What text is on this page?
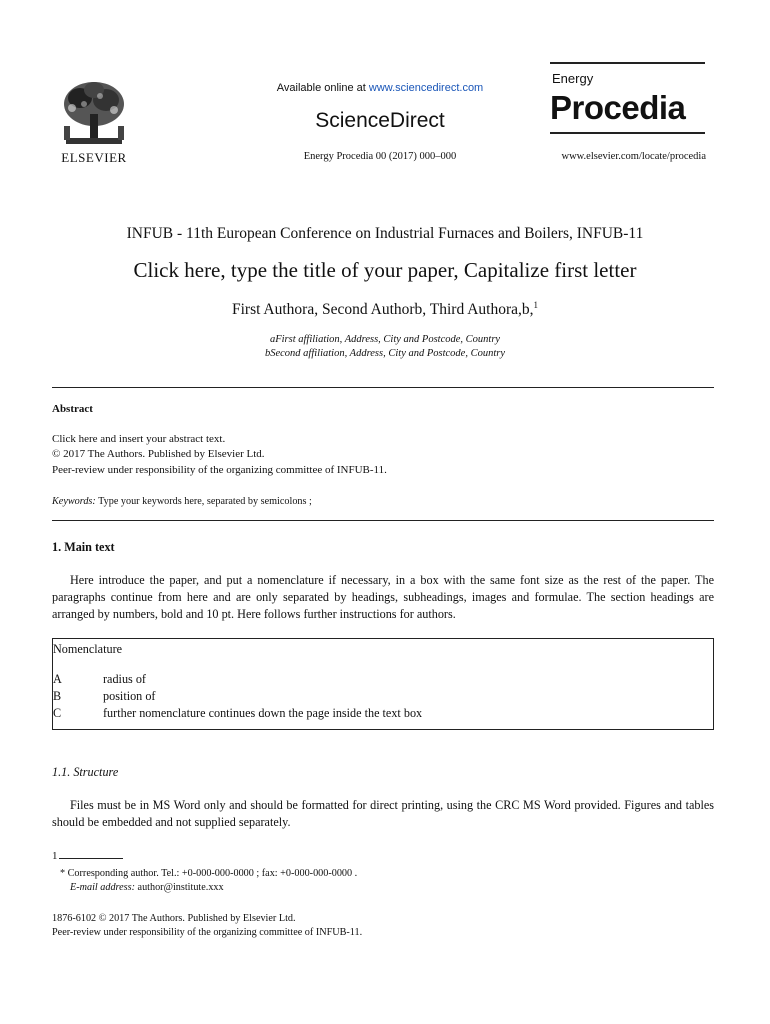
ELSEVIER
Available online at www.sciencedirect.com
ScienceDirect
Energy Procedia 00 (2017) 000–000
Energy
Procedia
www.elsevier.com/locate/procedia
INFUB - 11th European Conference on Industrial Furnaces and Boilers, INFUB-11
Click here, type the title of your paper, Capitalize first letter
First Authora, Second Authorb, Third Authora,b,$^1$
aFirst affiliation, Address, City and Postcode, Country
bSecond affiliation, Address, City and Postcode, Country
Abstract
Click here and insert your abstract text.
© 2017 The Authors. Published by Elsevier Ltd.
Peer-review under responsibility of the organizing committee of INFUB-11.
Keywords: Type your keywords here, separated by semicolons ;
1. Main text
Here introduce the paper, and put a nomenclature if necessary, in a box with the same font size as the rest of the paper. The paragraphs continue from here and are only separated by headings, subheadings, images and formulae. The section headings are arranged by numbers, bold and 10 pt. Here follows further instructions for authors.
Nomenclature
A	radius of
B	position of
C	further nomenclature continues down the page inside the text box
1.1. Structure
Files must be in MS Word only and should be formatted for direct printing, using the CRC MS Word provided. Figures and tables should be embedded and not supplied separately.
1
* Corresponding author. Tel.: +0-000-000-0000 ; fax: +0-000-000-0000 .
E-mail address: author@institute.xxx
1876-6102 © 2017 The Authors. Published by Elsevier Ltd.
Peer-review under responsibility of the organizing committee of INFUB-11.
